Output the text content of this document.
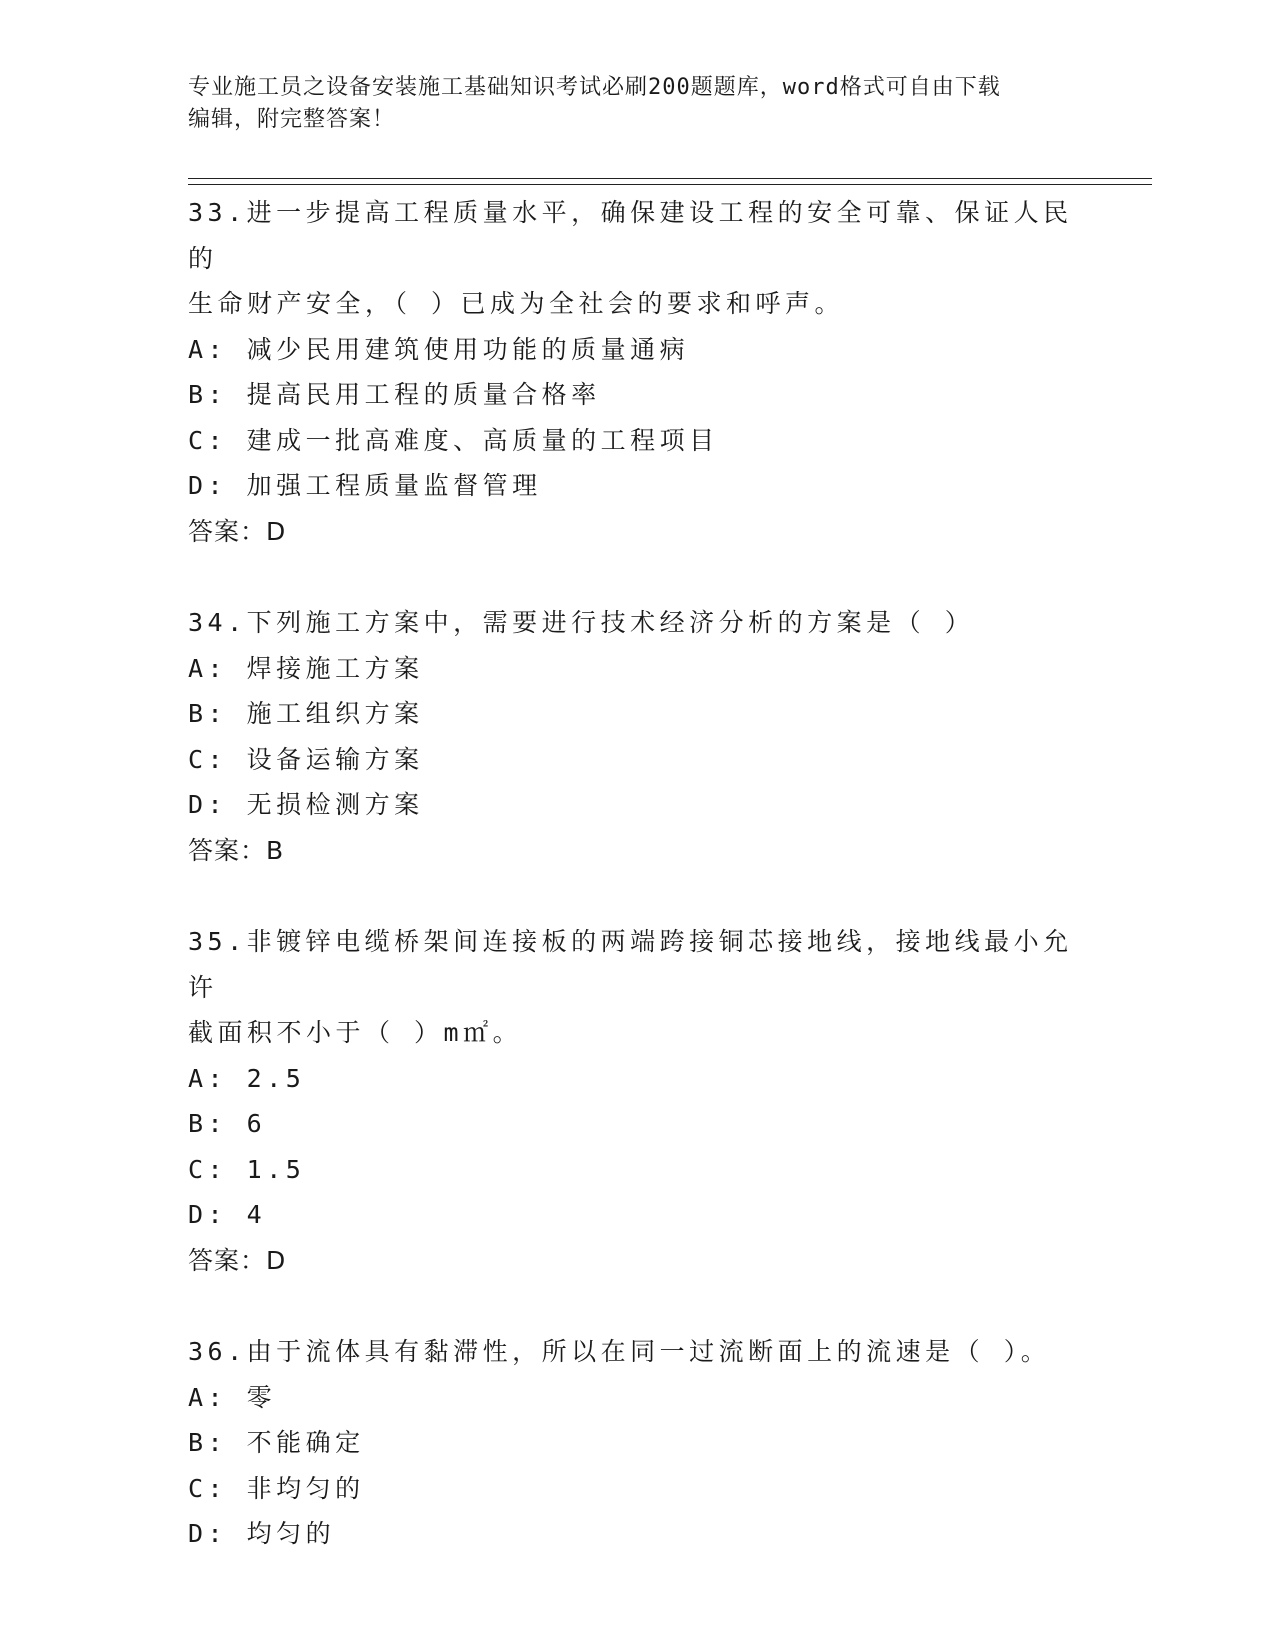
专业施工员之设备安装施工基础知识考试必刷200题题库，word格式可自由下载
编辑，附完整答案！
33.进一步提高工程质量水平，确保建设工程的安全可靠、保证人民的
生命财产安全，（ ）已成为全社会的要求和呼声。
A: 减少民用建筑使用功能的质量通病
B: 提高民用工程的质量合格率
C: 建成一批高难度、高质量的工程项目
D: 加强工程质量监督管理
答案：D
34.下列施工方案中，需要进行技术经济分析的方案是（ ）
A: 焊接施工方案
B: 施工组织方案
C: 设备运输方案
D: 无损检测方案
答案：B
35.非镀锌电缆桥架间连接板的两端跨接铜芯接地线，接地线最小允许
截面积不小于（ ）m㎡。
A: 2.5
B: 6
C: 1.5
D: 4
答案：D
36.由于流体具有黏滞性，所以在同一过流断面上的流速是（ ）。
A: 零
B: 不能确定
C: 非均匀的
D: 均匀的
